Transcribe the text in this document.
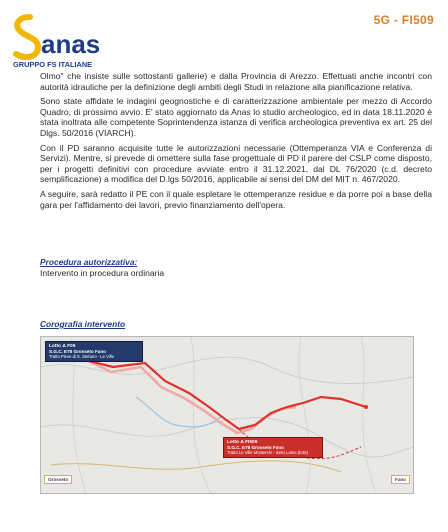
anas
GRUPPO FS ITALIANE
5G - FI509

Olmo" che insiste sulle sottostanti gallerie) e dalla Provincia di Arezzo. Effettuati anche incontri con autorità idrauliche per la definizione degli ambiti degli Studi in relazione alla pianificazione relativa.

Sono state affidate le indagini geognostiche e di caratterizzazione ambientale per mezzo di Accordo Quadro, di prossimo avvio. E' stato aggiornato da Anas lo studio archeologico, ed in data 18.11.2020 è stata inoltrata alle competente Soprintendenza istanza di verifica archeologica preventiva ex art. 25 del Dlgs. 50/2016 (VIARCH).

Con il PD saranno acquisite tutte le autorizzazioni necessarie (Ottemperanza VIA e Conferenza di Servizi). Mentre, si prevede di omettere sulla fase progettuale di PD il parere del CSLP come disposto, per i progetti definitivi con procedure avviate entro il 31.12.2021, dal DL 76/2020 (c.d. decreto semplificazione) a modifica del D.lgs 50/2016, applicabile ai sensi del DM del MIT n. 467/2020.

A seguire, sarà redatto il PE con il quale espletare le ottemperanze residue e da porre poi a base della gara per l'affidamento dei lavori, previo finanziamento dell'opera.

Procedura autorizzativa:
Intervento in procedura ordinaria
Corografia intervento
Lotto Δ F09
S.G.C. E78 Grosseto Fano
Tratto Pieve di S. Stefano - Le Ville
Lotto Δ FI509
S.G.C. E78 Grosseto Fano
Tratto Le Ville Monterchi - Selci Lama (E45)
Grosseto	Fano
